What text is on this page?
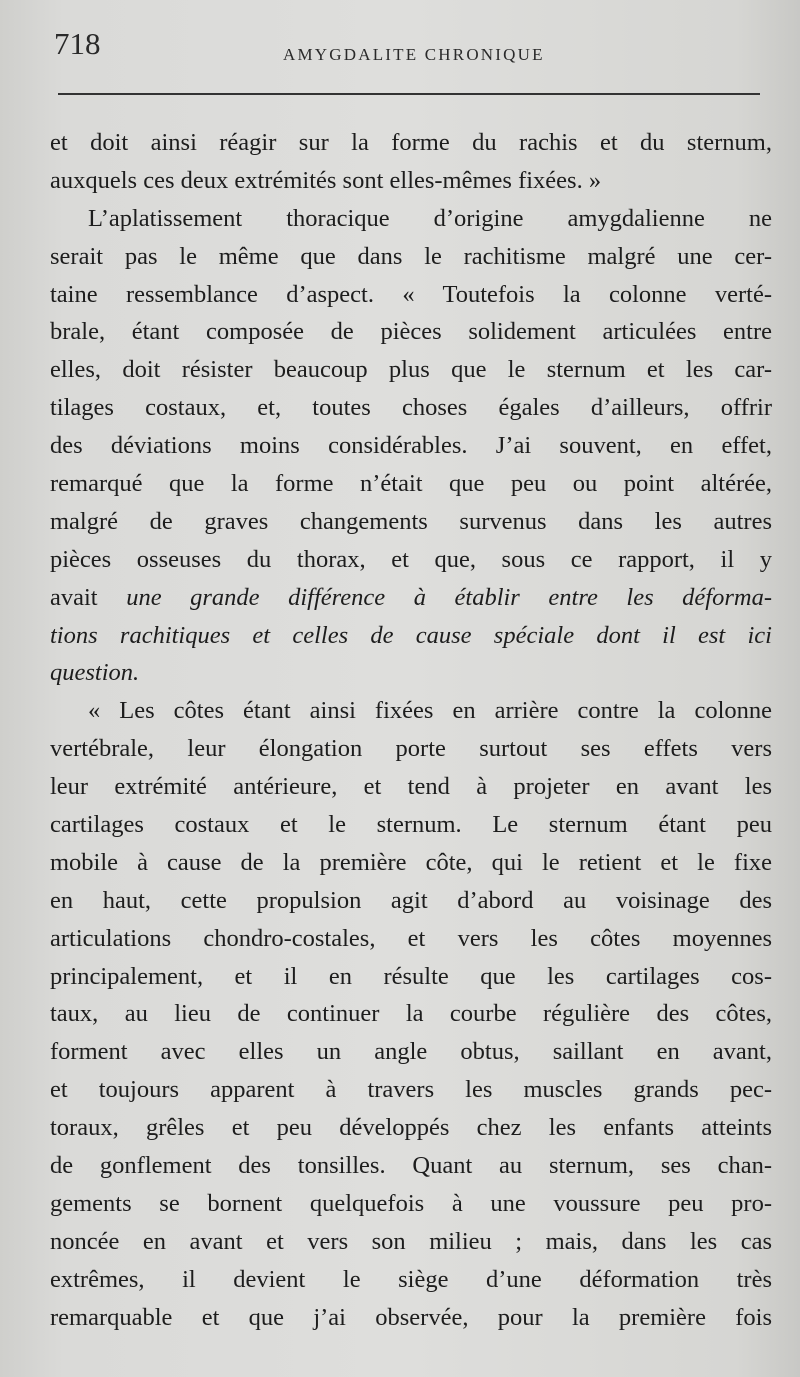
718	AMYGDALITE CHRONIQUE
et doit ainsi réagir sur la forme du rachis et du sternum,
auxquels ces deux extrémités sont elles-mêmes fixées. »
L’aplatissement thoracique d’origine amygdalienne ne
serait pas le même que dans le rachitisme malgré une cer-
taine ressemblance d’aspect. « Toutefois la colonne verté-
brale, étant composée de pièces solidement articulées entre
elles, doit résister beaucoup plus que le sternum et les car-
tilages costaux, et, toutes choses égales d’ailleurs, offrir
des déviations moins considérables. J’ai souvent, en effet,
remarqué que la forme n’était que peu ou point altérée,
malgré de graves changements survenus dans les autres
pièces osseuses du thorax, et que, sous ce rapport, il y
avait une grande différence à établir entre les déforma-
tions rachitiques et celles de cause spéciale dont il est ici
question.
« Les côtes étant ainsi fixées en arrière contre la colonne
vertébrale, leur élongation porte surtout ses effets vers
leur extrémité antérieure, et tend à projeter en avant les
cartilages costaux et le sternum. Le sternum étant peu
mobile à cause de la première côte, qui le retient et le fixe
en haut, cette propulsion agit d’abord au voisinage des
articulations chondro-costales, et vers les côtes moyennes
principalement, et il en résulte que les cartilages cos-
taux, au lieu de continuer la courbe régulière des côtes,
forment avec elles un angle obtus, saillant en avant,
et toujours apparent à travers les muscles grands pec-
toraux, grêles et peu développés chez les enfants atteints
de gonflement des tonsilles. Quant au sternum, ses chan-
gements se bornent quelquefois à une voussure peu pro-
noncée en avant et vers son milieu ; mais, dans les cas
extrêmes, il devient le siège d’une déformation très
remarquable et que j’ai observée, pour la première fois
